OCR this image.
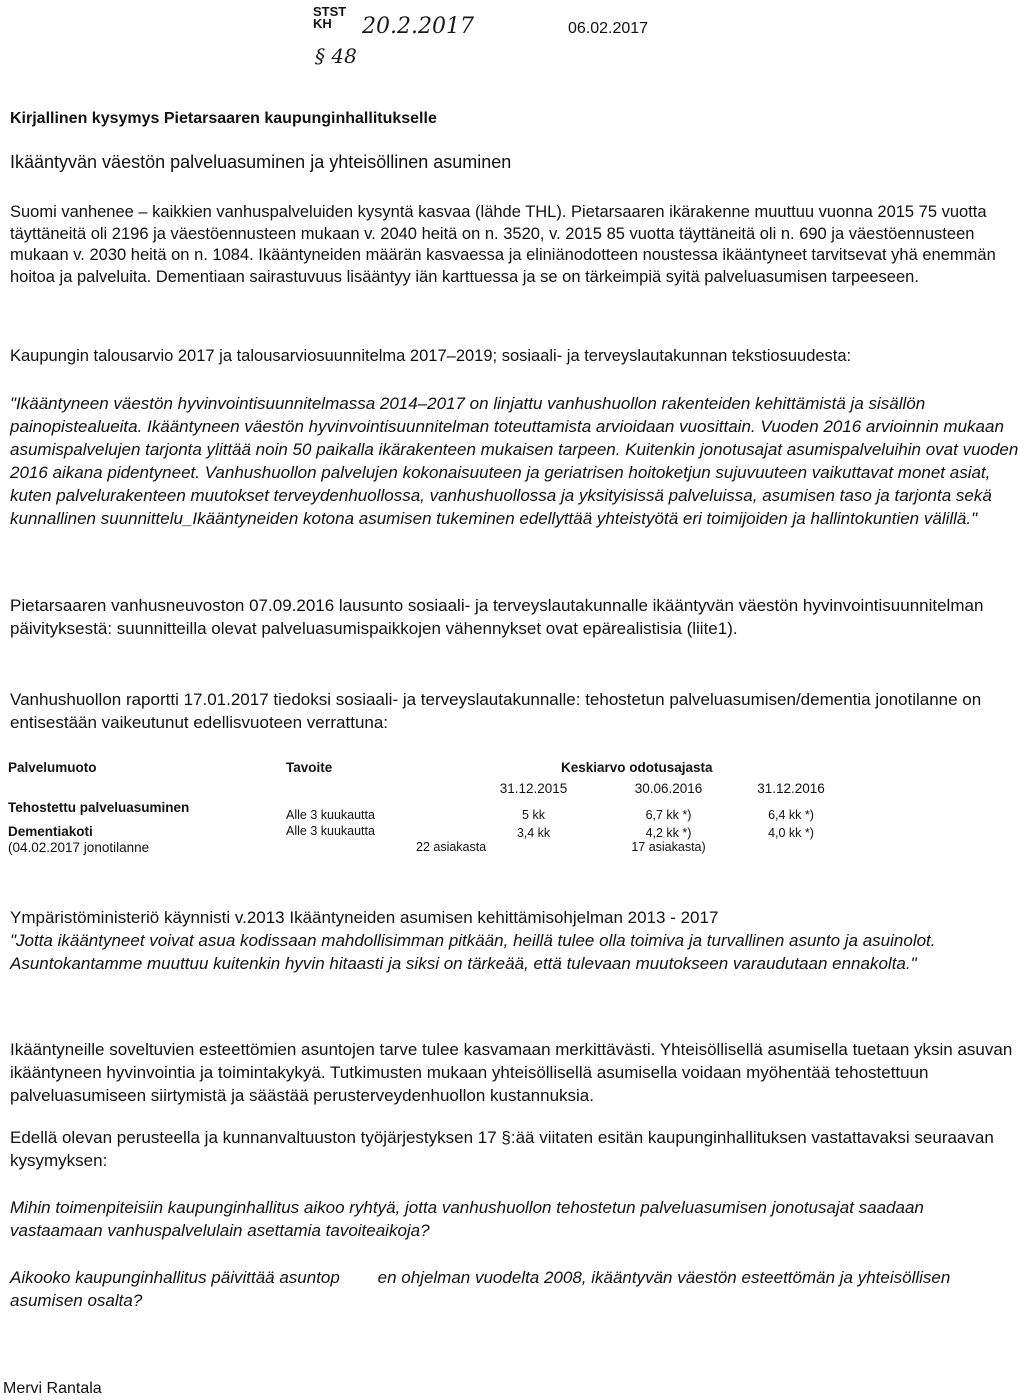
STST
KH	20.2.2017
§ 48
06.02.2017
Kirjallinen kysymys Pietarsaaren kaupunginhallitukselle
Ikääntyvän väestön palveluasuminen ja yhteisöllinen asuminen
Suomi vanhenee – kaikkien vanhuspalveluiden kysyntä kasvaa (lähde THL). Pietarsaaren ikärakenne muuttuu vuonna 2015 75 vuotta täyttäneitä oli 2196 ja väestöennusteen mukaan v. 2040 heitä on n. 3520, v. 2015 85 vuotta täyttäneitä oli n. 690 ja väestöennusteen mukaan v. 2030 heitä on n. 1084. Ikääntyneiden määrän kasvaessa ja eliniänodotteen noustessa ikääntyneet tarvitsevat yhä enemmän hoitoa ja palveluita. Dementiaan sairastuvuus lisääntyy iän karttuessa ja se on tärkeimpiä syitä palveluasumisen tarpeeseen.
Kaupungin talousarvio 2017 ja talousarviosuunnitelma 2017–2019; sosiaali- ja terveyslautakunnan tekstiosuudesta:
"Ikääntyneen väestön hyvinvointisuunnitelmassa 2014–2017 on linjattu vanhushuollon rakenteiden kehittämistä ja sisällön painopistealueita. Ikääntyneen väestön hyvinvointisuunnitelman toteuttamista arvioidaan vuosittain. Vuoden 2016 arvioinnin mukaan asumispalvelujen tarjonta ylittää noin 50 paikalla ikärakenteen mukaisen tarpeen. Kuitenkin jonotusajat asumispalveluihin ovat vuoden 2016 aikana pidentyneet. Vanhushuollon palvelujen kokonaisuuteen ja geriatrisen hoitoketjun sujuvuuteen vaikuttavat monet asiat, kuten palvelurakenteen muutokset terveydenhuollossa, vanhushuollossa ja yksityisissä palveluissa, asumisen taso ja tarjonta sekä kunnallinen suunnittelu_Ikääntyneiden kotona asumisen tukeminen edellyttää yhteistyötä eri toimijoiden ja hallintokuntien välillä."
Pietarsaaren vanhusneuvoston 07.09.2016 lausunto sosiaali- ja terveyslautakunnalle ikääntyvän väestön hyvinvointisuunnitelman päivityksestä: suunnitteilla olevat palveluasumispaikkojen vähennykset ovat epärealistisia (liite1).
Vanhushuollon raportti 17.01.2017 tiedoksi sosiaali- ja terveyslautakunnalle: tehostetun palveluasumisen/dementia jonotilanne on entisestään vaikeutunut edellisvuoteen verrattuna:
Palvelumuoto	Tavoite	Keskiarvo odotusajasta
		31.12.2015	30.06.2016	31.12.2016
Tehostettu palveluasuminen	Alle 3 kuukautta	5 kk	6,7 kk *)	6,4 kk *)
Dementiakoti	Alle 3 kuukautta	3,4 kk	4,2 kk *)	4,0 kk *)
(04.02.2017 jonotilanne		22 asiakasta	17 asiakasta)	
Ympäristöministeriö käynnisti v.2013 Ikääntyneiden asumisen kehittämisohjelman 2013 - 2017
"Jotta ikääntyneet voivat asua kodissaan mahdollisimman pitkään, heillä tulee olla toimiva ja turvallinen asunto ja asuinolot. Asuntokantamme muuttuu kuitenkin hyvin hitaasti ja siksi on tärkeää, että tulevaan muutokseen varaudutaan ennakolta."
Ikääntyneille soveltuvien esteettömien asuntojen tarve tulee kasvamaan merkittävästi. Yhteisöllisellä asumisella tuetaan yksin asuvan ikääntyneen hyvinvointia ja toimintakykyä. Tutkimusten mukaan yhteisöllisellä asumisella voidaan myöhentää tehostettuun palveluasumiseen siirtymistä ja säästää perusterveydenhuollon kustannuksia.
Edellä olevan perusteella ja kunnanvaltuuston työjärjestyksen 17 §:ää viitaten esitän kaupunginhallituksen vastattavaksi seuraavan kysymyksen:
Mihin toimenpiteisiin kaupunginhallitus aikoo ryhtyä, jotta vanhushuollon tehostetun palveluasumisen jonotusajat saadaan vastaamaan vanhuspalvelulain asettamia tavoiteaikoja?
Aikooko kaupunginhallitus päivittää asuntop        en ohjelman vuodelta 2008, ikääntyvän väestön esteettömän ja yhteisöllisen asumisen osalta?
Mervi Rantala
